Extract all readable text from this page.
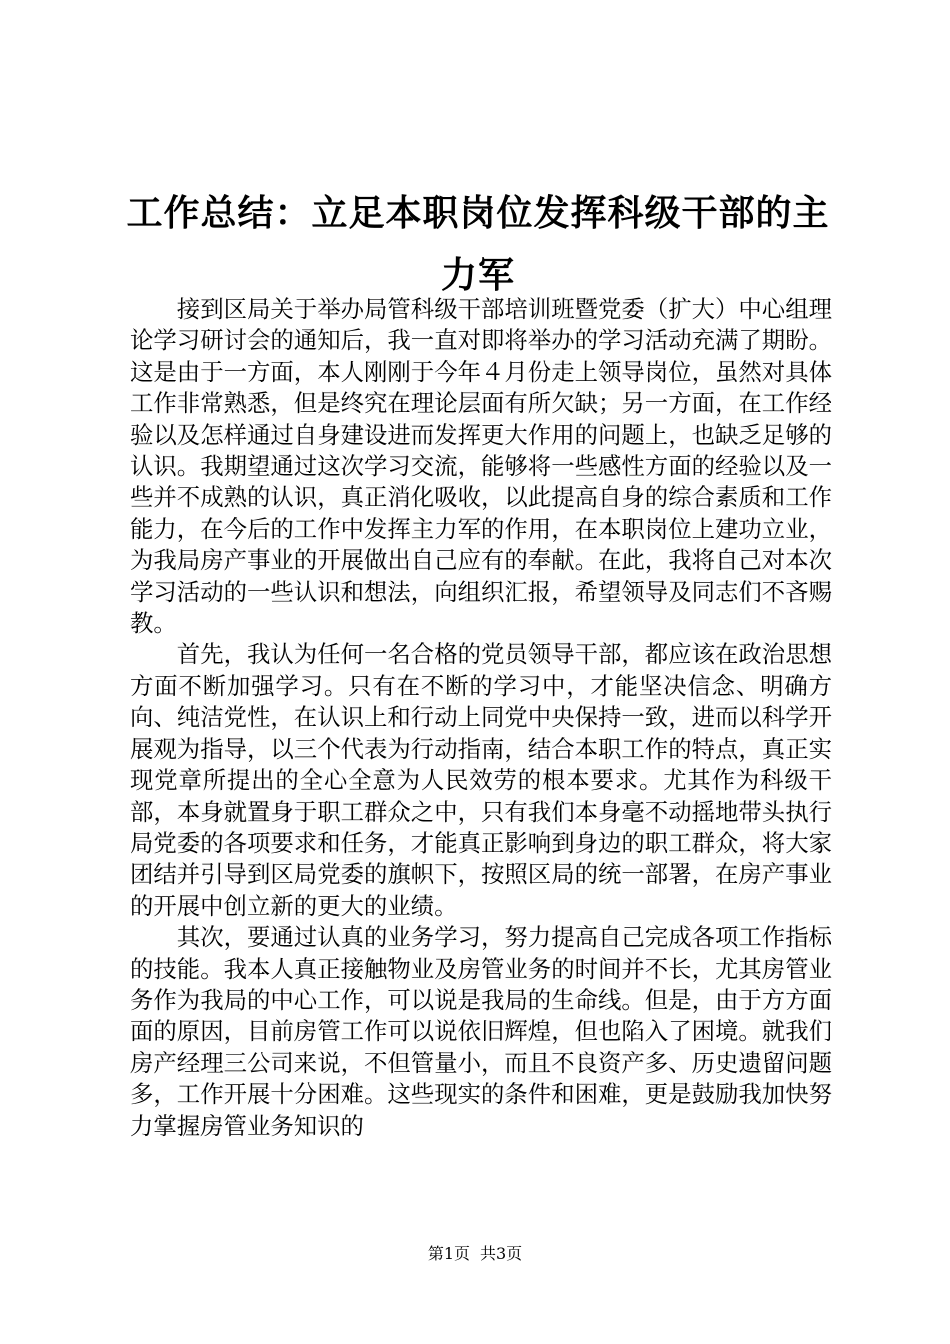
工作总结：立足本职岗位发挥科级干部的主力军

接到区局关于举办局管科级干部培训班暨党委（扩大）中心组理论学习研讨会的通知后，我一直对即将举办的学习活动充满了期盼。这是由于一方面，本人刚刚于今年４月份走上领导岗位，虽然对具体工作非常熟悉，但是终究在理论层面有所欠缺；另一方面，在工作经验以及怎样通过自身建设进而发挥更大作用的问题上，也缺乏足够的认识。我期望通过这次学习交流，能够将一些感性方面的经验以及一些并不成熟的认识，真正消化吸收，以此提高自身的综合素质和工作能力，在今后的工作中发挥主力军的作用，在本职岗位上建功立业，为我局房产事业的开展做出自己应有的奉献。在此，我将自己对本次学习活动的一些认识和想法，向组织汇报，希望领导及同志们不吝赐教。

首先，我认为任何一名合格的党员领导干部，都应该在政治思想方面不断加强学习。只有在不断的学习中，才能坚决信念、明确方向、纯洁党性，在认识上和行动上同党中央保持一致，进而以科学开展观为指导，以三个代表为行动指南，结合本职工作的特点，真正实现党章所提出的全心全意为人民效劳的根本要求。尤其作为科级干部，本身就置身于职工群众之中，只有我们本身毫不动摇地带头执行局党委的各项要求和任务，才能真正影响到身边的职工群众，将大家团结并引导到区局党委的旗帜下，按照区局的统一部署，在房产事业的开展中创立新的更大的业绩。

其次，要通过认真的业务学习，努力提高自己完成各项工作指标的技能。我本人真正接触物业及房管业务的时间并不长，尤其房管业务作为我局的中心工作，可以说是我局的生命线。但是，由于方方面面的原因，目前房管工作可以说依旧辉煌，但也陷入了困境。就我们房产经理三公司来说，不但管量小，而且不良资产多、历史遗留问题多，工作开展十分困难。这些现实的条件和困难，更是鼓励我加快努力掌握房管业务知识的

第1页 共3页
